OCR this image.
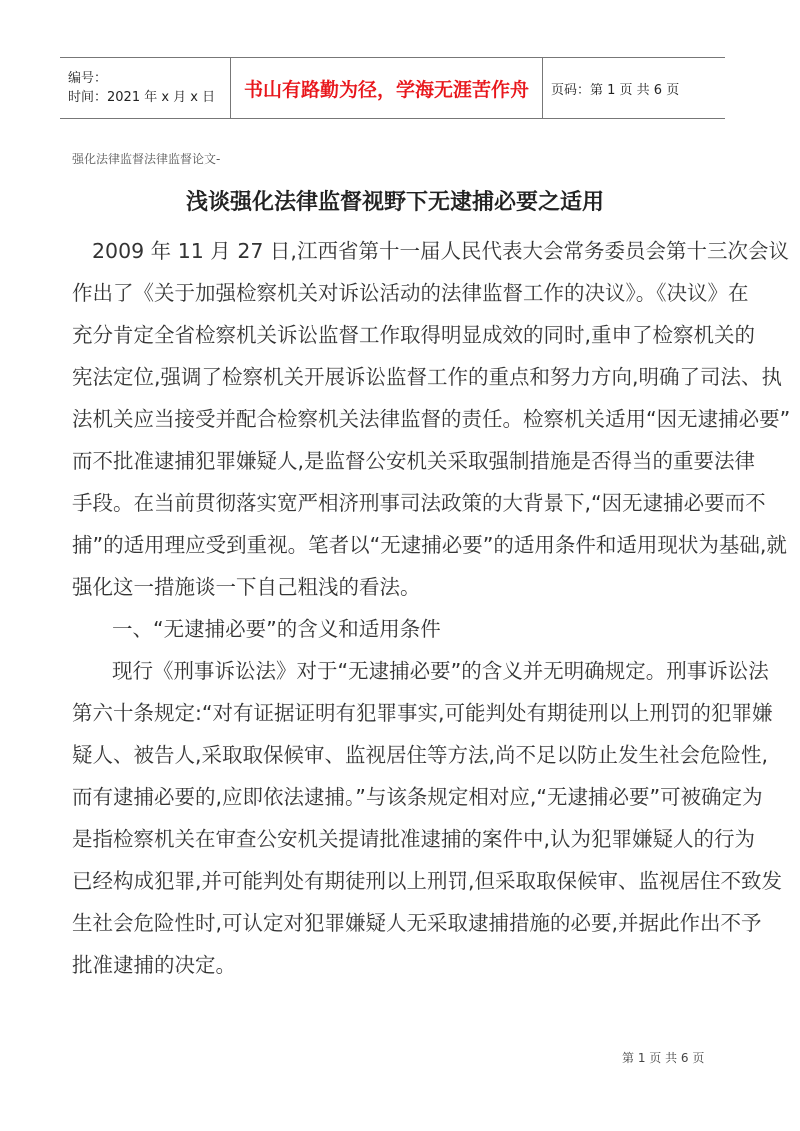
编号：
时间：2021 年 x 月 x 日	书山有路勤为径，学海无涯苦作舟 页码：第 1 页 共 6 页
强化法律监督法律监督论文-
浅谈强化法律监督视野下无逮捕必要之适用
2009 年 11 月 27 日,江西省第十一届人民代表大会常务委员会第十三次会议
作出了《关于加强检察机关对诉讼活动的法律监督工作的决议》。《决议》在
充分肯定全省检察机关诉讼监督工作取得明显成效的同时,重申了检察机关的
宪法定位,强调了检察机关开展诉讼监督工作的重点和努力方向,明确了司法、执
法机关应当接受并配合检察机关法律监督的责任。检察机关适用“因无逮捕必要”
而不批准逮捕犯罪嫌疑人,是监督公安机关采取强制措施是否得当的重要法律
手段。在当前贯彻落实宽严相济刑事司法政策的大背景下,“因无逮捕必要而不
捕”的适用理应受到重视。笔者以“无逮捕必要”的适用条件和适用现状为基础,就
强化这一措施谈一下自己粗浅的看法。
一、“无逮捕必要”的含义和适用条件
现行《刑事诉讼法》对于“无逮捕必要”的含义并无明确规定。刑事诉讼法
第六十条规定:“对有证据证明有犯罪事实,可能判处有期徒刑以上刑罚的犯罪嫌
疑人、被告人,采取取保候审、监视居住等方法,尚不足以防止发生社会危险性,
而有逮捕必要的,应即依法逮捕。”与该条规定相对应,“无逮捕必要”可被确定为
是指检察机关在审查公安机关提请批准逮捕的案件中,认为犯罪嫌疑人的行为
已经构成犯罪,并可能判处有期徒刑以上刑罚,但采取取保候审、监视居住不致发
生社会危险性时,可认定对犯罪嫌疑人无采取逮捕措施的必要,并据此作出不予
批准逮捕的决定。
第 1 页 共 6 页
